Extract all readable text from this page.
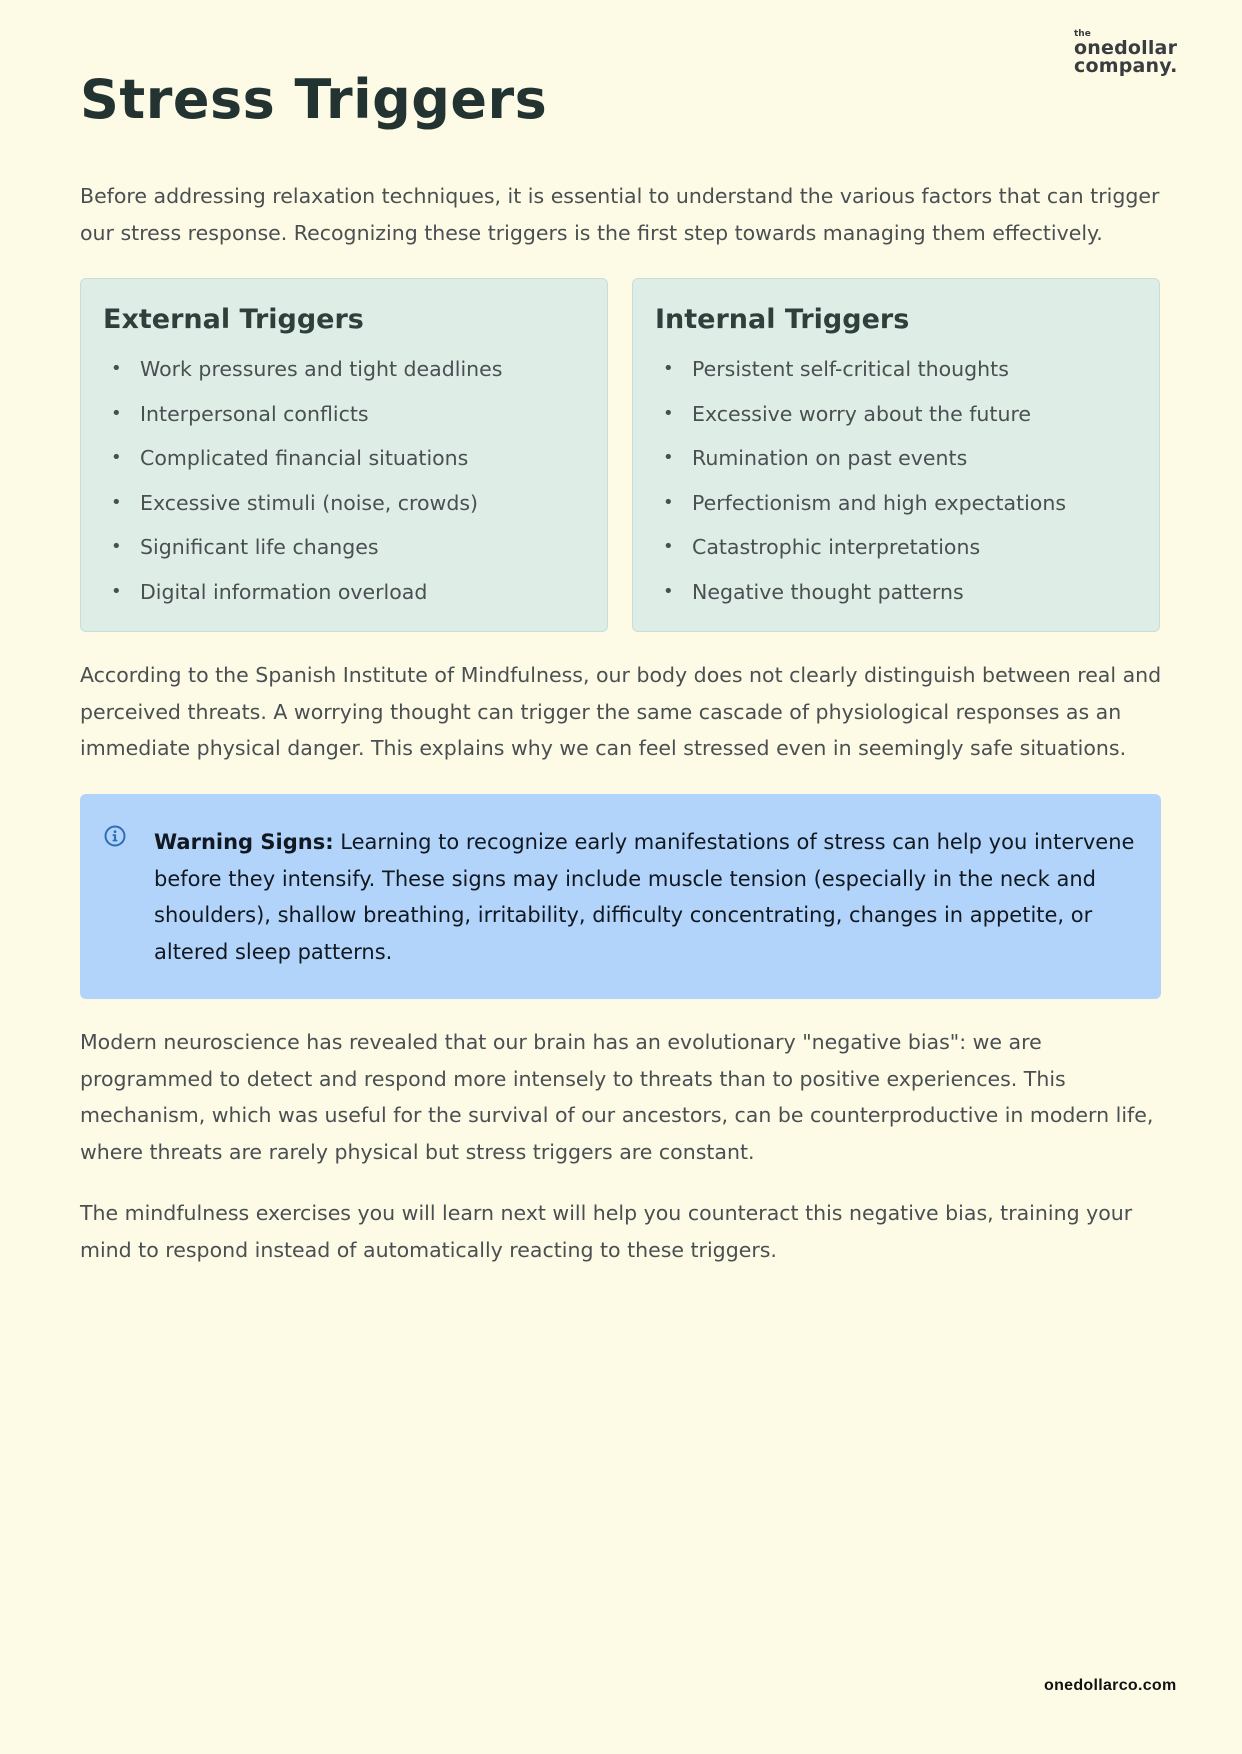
the
onedollar
company.
Stress Triggers

Before addressing relaxation techniques, it is essential to understand the various factors that can trigger our stress response. Recognizing these triggers is the first step towards managing them effectively.

External Triggers
• Work pressures and tight deadlines
• Interpersonal conflicts
• Complicated financial situations
• Excessive stimuli (noise, crowds)
• Significant life changes
• Digital information overload
Internal Triggers
• Persistent self-critical thoughts
• Excessive worry about the future
• Rumination on past events
• Perfectionism and high expectations
• Catastrophic interpretations
• Negative thought patterns

According to the Spanish Institute of Mindfulness, our body does not clearly distinguish between real and perceived threats. A worrying thought can trigger the same cascade of physiological responses as an immediate physical danger. This explains why we can feel stressed even in seemingly safe situations.

Warning Signs: Learning to recognize early manifestations of stress can help you intervene before they intensify. These signs may include muscle tension (especially in the neck and shoulders), shallow breathing, irritability, difficulty concentrating, changes in appetite, or altered sleep patterns.

Modern neuroscience has revealed that our brain has an evolutionary "negative bias": we are programmed to detect and respond more intensely to threats than to positive experiences. This mechanism, which was useful for the survival of our ancestors, can be counterproductive in modern life, where threats are rarely physical but stress triggers are constant.

The mindfulness exercises you will learn next will help you counteract this negative bias, training your mind to respond instead of automatically reacting to these triggers.

onedollarco.com
